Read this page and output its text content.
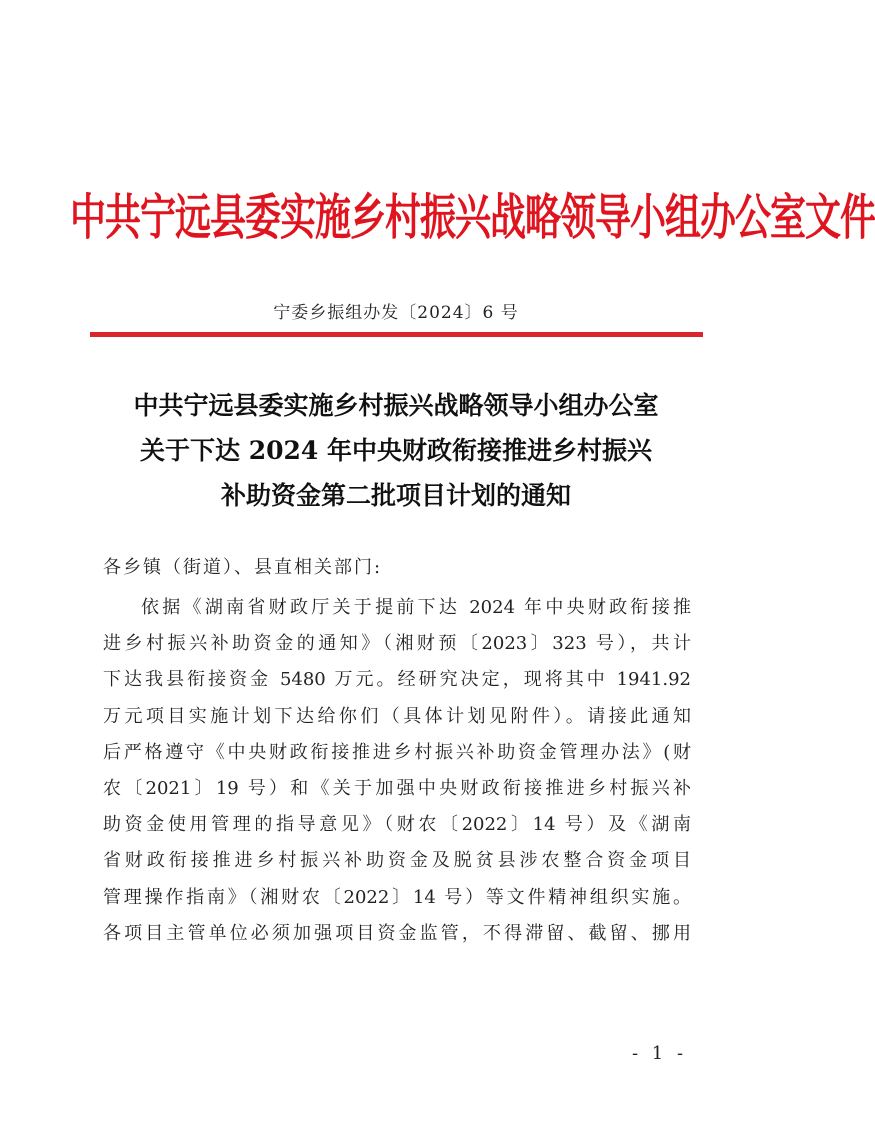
中共宁远县委实施乡村振兴战略领导小组办公室文件
宁委乡振组办发〔2024〕6 号
中共宁远县委实施乡村振兴战略领导小组办公室
关于下达 2024 年中央财政衔接推进乡村振兴
补助资金第二批项目计划的通知
各乡镇（街道）、县直相关部门:
依据《湖南省财政厅关于提前下达 2024 年中央财政衔接推
进乡村振兴补助资金的通知》（湘财预〔2023〕323 号），共计
下达我县衔接资金 5480 万元。经研究决定，现将其中 1941.92
万元项目实施计划下达给你们（具体计划见附件）。请接此通知
后严格遵守《中央财政衔接推进乡村振兴补助资金管理办法》(财
农〔2021〕19 号）和《关于加强中央财政衔接推进乡村振兴补
助资金使用管理的指导意见》（财农〔2022〕14 号）及《湖南
省财政衔接推进乡村振兴补助资金及脱贫县涉农整合资金项目
管理操作指南》（湘财农〔2022〕14 号）等文件精神组织实施。
各项目主管单位必须加强项目资金监管，不得滞留、截留、挪用
- 1 -
